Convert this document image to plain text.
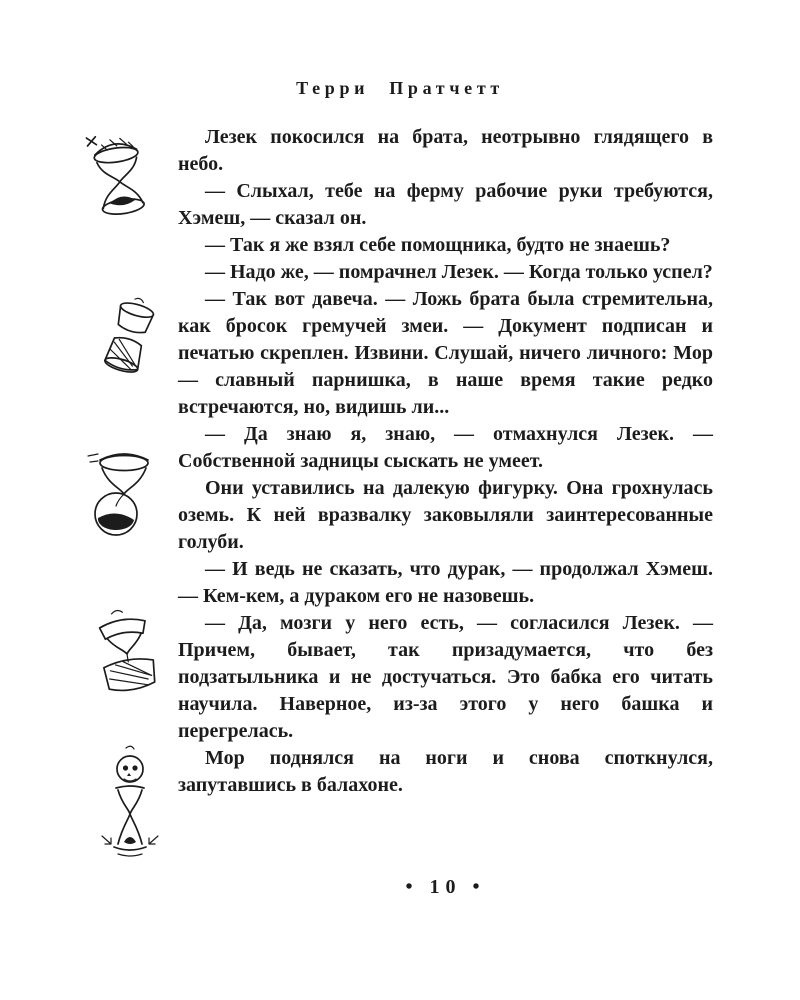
Терри Пратчетт

Лезек покосился на брата, неотрывно глядящего в небо.

— Слыхал, тебе на ферму рабочие руки требуются, Хэмеш, — сказал он.

— Так я же взял себе помощника, будто не знаешь?

— Надо же, — помрачнел Лезек. — Когда только успел?

— Так вот давеча. — Ложь брата была стремительна, как бросок гремучей змеи. — Документ подписан и печатью скреплен. Извини. Слушай, ничего личного: Мор — славный парнишка, в наше время такие редко встречаются, но, видишь ли...

— Да знаю я, знаю, — отмахнулся Лезек. — Собственной задницы сыскать не умеет.

Они уставились на далекую фигурку. Она грохнулась оземь. К ней вразвалку заковыляли заинтересованные голуби.

— И ведь не сказать, что дурак, — продолжал Хэмеш. — Кем-кем, а дураком его не назовешь.

— Да, мозги у него есть, — согласился Лезек. — Причем, бывает, так призадумается, что без подзатыльника и не достучаться. Это бабка его читать научила. Наверное, из-за этого у него башка и перегрелась.

Мор поднялся на ноги и снова споткнулся, запутавшись в балахоне.

• 10 •
